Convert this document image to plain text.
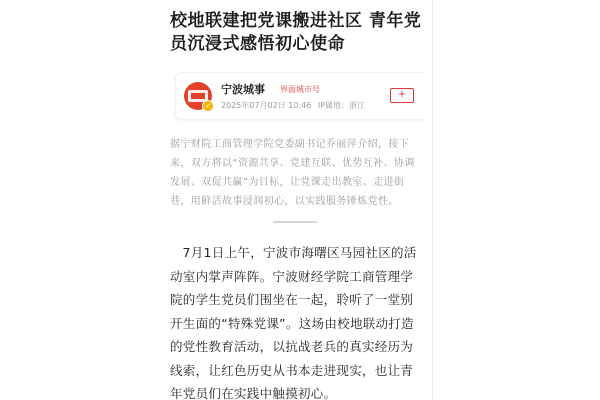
校地联建把党课搬进社区 青年党员沉浸式感悟初心使命
✓
宁波城事 界面城市号
2025年07月02日 10:46 IP属地：浙江
+
据宁财院工商管理学院党委副书记乔丽萍介绍，接下来，双方将以“资源共享、党建互联、优势互补、协调发展、双促共赢”为目标，让党课走出教室、走进街巷，用鲜活故事浸润初心，以实践服务锤炼党性。
7月1日上午，宁波市海曙区马园社区的活动室内掌声阵阵。宁波财经学院工商管理学院的学生党员们围坐在一起，聆听了一堂别开生面的“特殊党课”。这场由校地联动打造的党性教育活动，以抗战老兵的真实经历为线索，让红色历史从书本走进现实，也让青年党员们在实践中触摸初心。
